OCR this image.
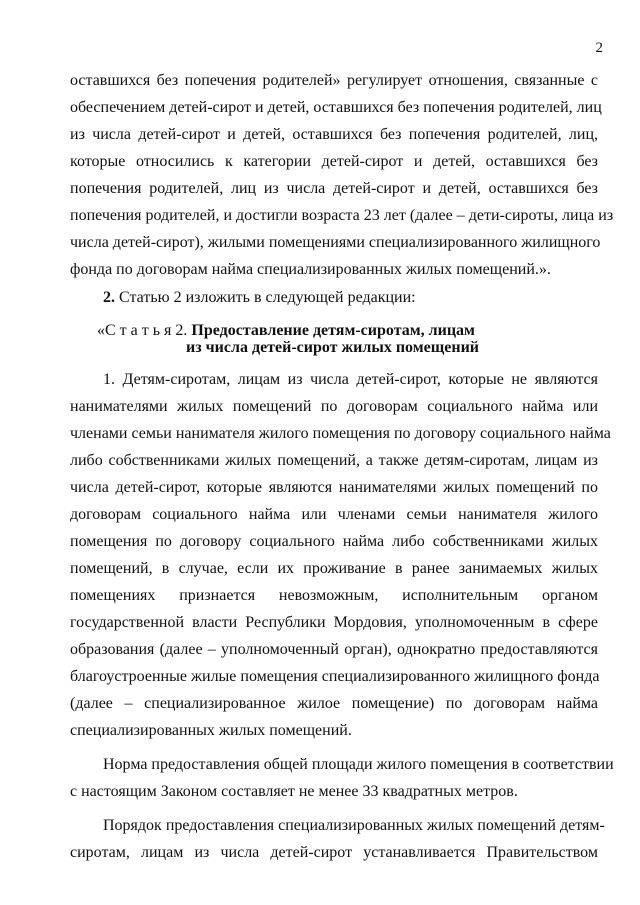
2
оставшихся без попечения родителей» регулирует отношения, связанные с
обеспечением детей-сирот и детей, оставшихся без попечения родителей, лиц
из числа детей-сирот и детей, оставшихся без попечения родителей, лиц,
которые относились к категории детей-сирот и детей, оставшихся без
попечения родителей, лиц из числа детей-сирот и детей, оставшихся без
попечения родителей, и достигли возраста 23 лет (далее – дети-сироты, лица из
числа детей-сирот), жилыми помещениями специализированного жилищного
фонда по договорам найма специализированных жилых помещений.».
2. Статью 2 изложить в следующей редакции:
«С т а т ь я 2. Предоставление детям-сиротам, лицам
из числа детей-сирот жилых помещений
1. Детям-сиротам, лицам из числа детей-сирот, которые не являются
нанимателями жилых помещений по договорам социального найма или
членами семьи нанимателя жилого помещения по договору социального найма
либо собственниками жилых помещений, а также детям-сиротам, лицам из
числа детей-сирот, которые являются нанимателями жилых помещений по
договорам социального найма или членами семьи нанимателя жилого
помещения по договору социального найма либо собственниками жилых
помещений, в случае, если их проживание в ранее занимаемых жилых
помещениях признается невозможным, исполнительным органом
государственной власти Республики Мордовия, уполномоченным в сфере
образования (далее – уполномоченный орган), однократно предоставляются
благоустроенные жилые помещения специализированного жилищного фонда
(далее – специализированное жилое помещение) по договорам найма
специализированных жилых помещений.
Норма предоставления общей площади жилого помещения в соответствии
с настоящим Законом составляет не менее 33 квадратных метров.
Порядок предоставления специализированных жилых помещений детям-
сиротам, лицам из числа детей-сирот устанавливается Правительством
